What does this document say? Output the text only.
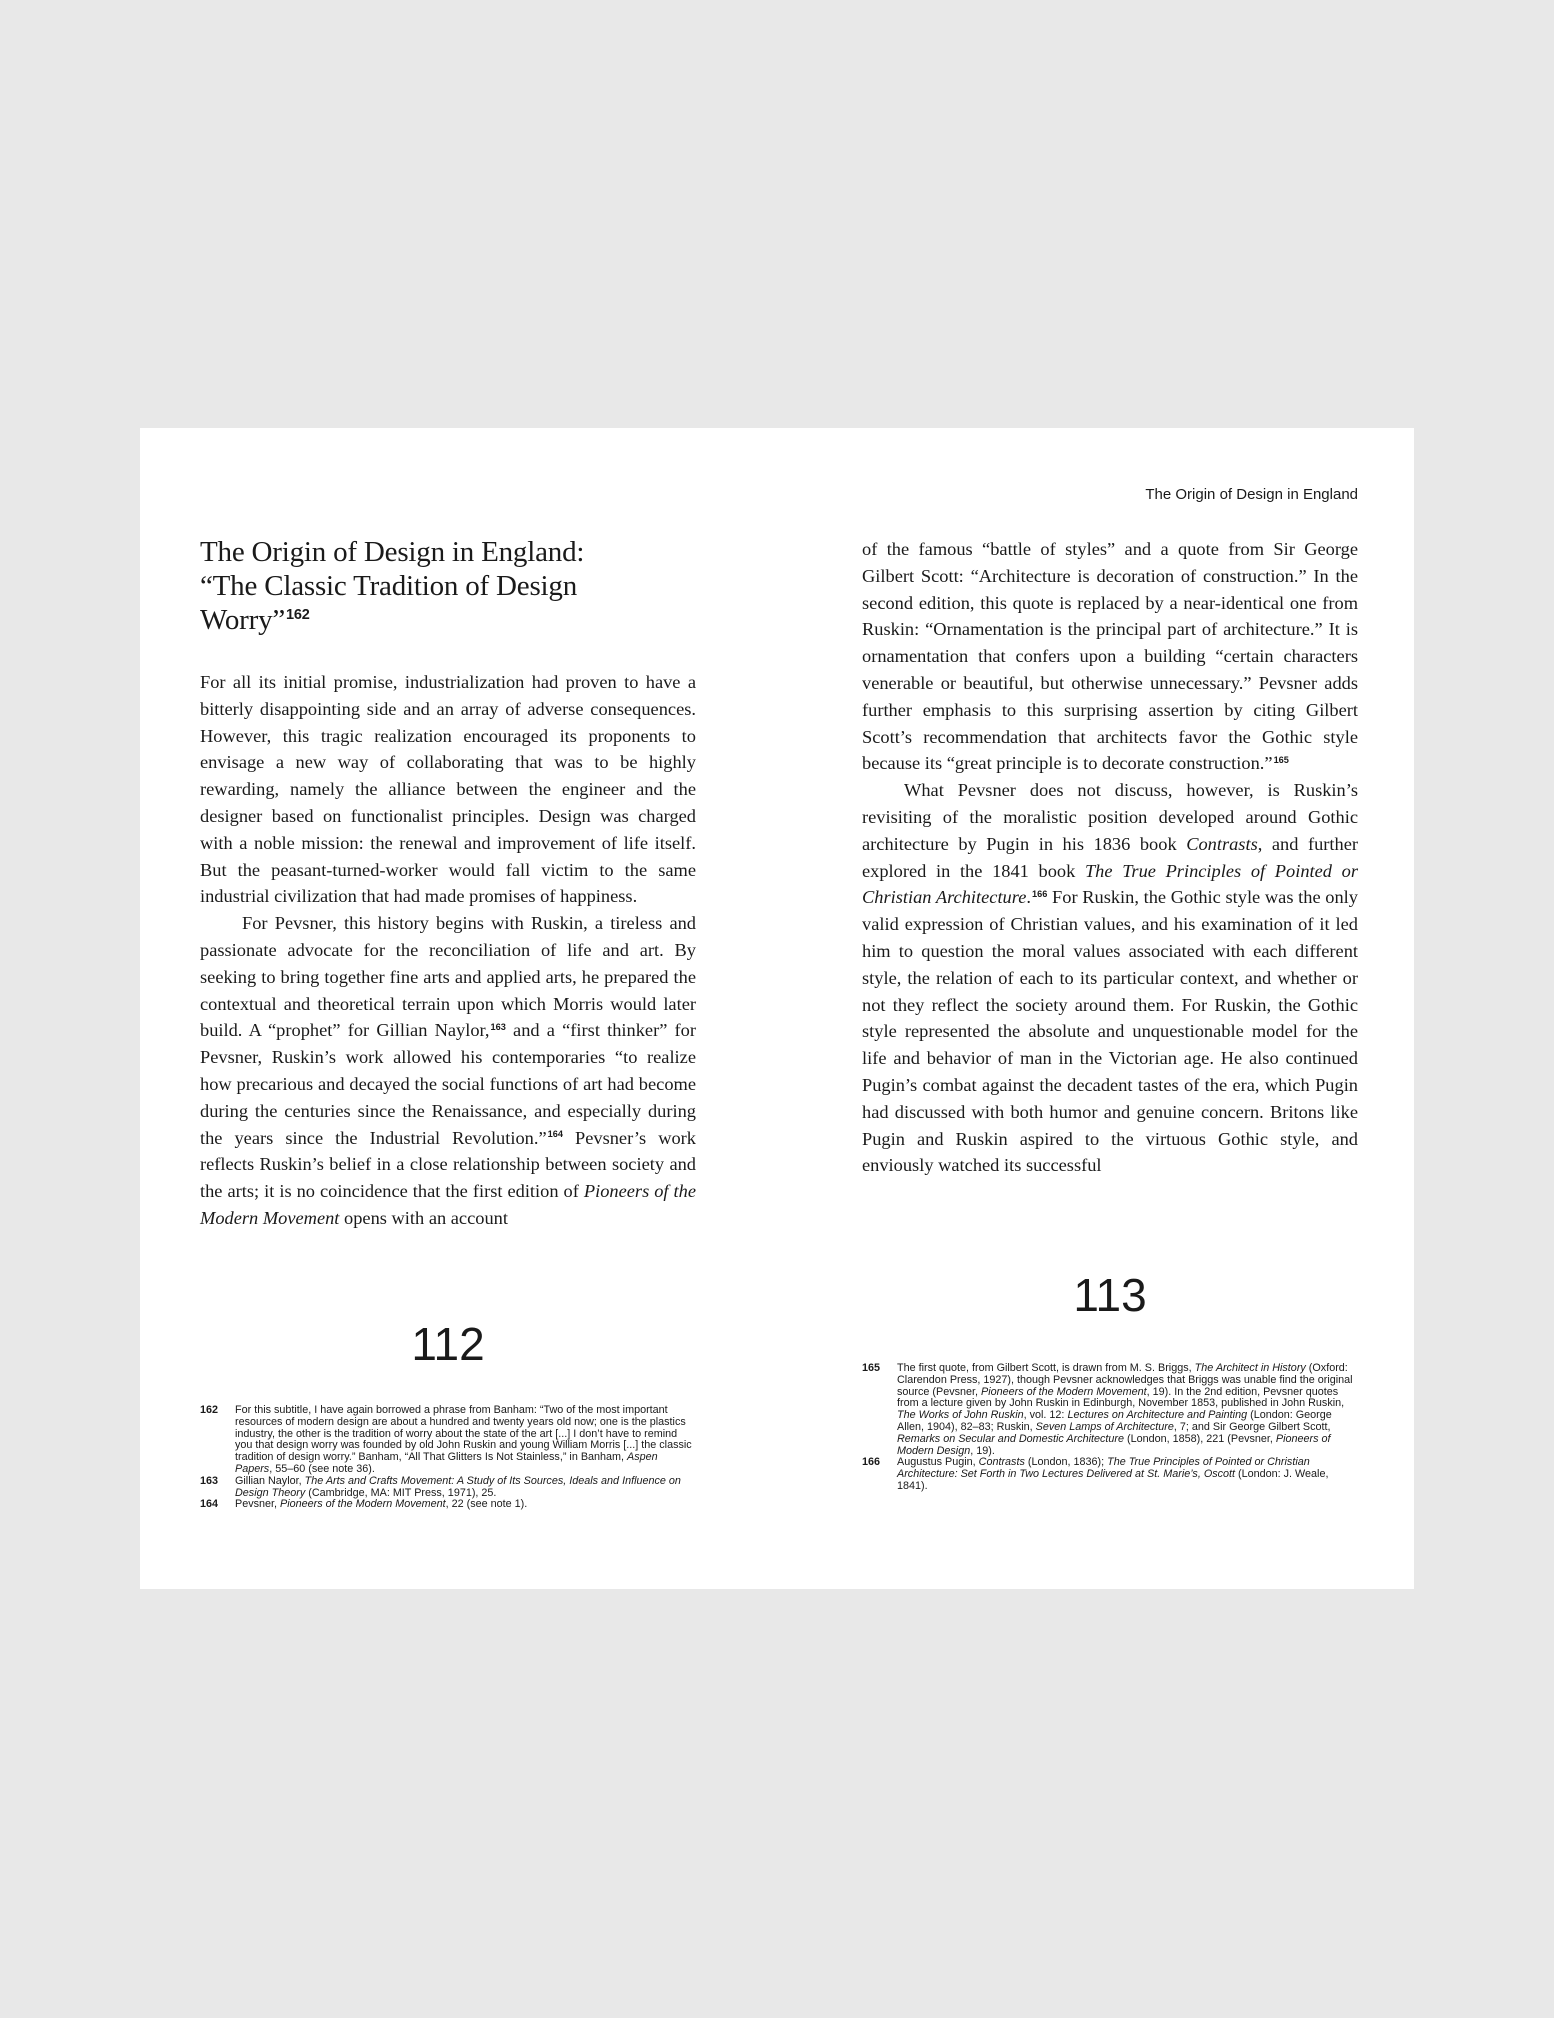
The Origin of Design in England:
“The Classic Tradition of Design
Worry”$^{162}$

For all its initial promise, industrialization had proven to have a bitterly disappointing side and an array of adverse consequences. However, this tragic realization encouraged its proponents to envisage a new way of collaborating that was to be highly rewarding, namely the alliance between the engineer and the designer based on functionalist principles. Design was charged with a noble mission: the renewal and improvement of life itself. But the peasant-turned-worker would fall victim to the same industrial civilization that had made promises of happiness.

For Pevsner, this history begins with Ruskin, a tireless and passionate advocate for the reconciliation of life and art. By seeking to bring together fine arts and applied arts, he prepared the contextual and theoretical terrain upon which Morris would later build. A “prophet” for Gillian Naylor,$^{163}$ and a “first thinker” for Pevsner, Ruskin’s work allowed his contemporaries “to realize how precarious and decayed the social functions of art had become during the centuries since the Renaissance, and especially during the years since the Industrial Revolution.”$^{164}$ Pevsner’s work reflects Ruskin’s belief in a close relationship between society and the arts; it is no coincidence that the first edition of Pioneers of the Modern Movement opens with an account

112
162	For this subtitle, I have again borrowed a phrase from Banham: “Two of the most important resources of modern design are about a hundred and twenty years old now; one is the plastics industry, the other is the tradition of worry about the state of the art [...] I don’t have to remind you that design worry was founded by old John Ruskin and young William Morris [...] the classic tradition of design worry.” Banham, “All That Glitters Is Not Stainless,” in Banham, Aspen Papers, 55–60 (see note 36).
163	Gillian Naylor, The Arts and Crafts Movement: A Study of Its Sources, Ideals and Influence on Design Theory (Cambridge, MA: MIT Press, 1971), 25.
164	Pevsner, Pioneers of the Modern Movement, 22 (see note 1).
The Origin of Design in England

of the famous “battle of styles” and a quote from Sir George Gilbert Scott: “Architecture is decoration of construction.” In the second edition, this quote is replaced by a near-identical one from Ruskin: “Ornamentation is the principal part of architecture.” It is ornamentation that confers upon a building “certain characters venerable or beautiful, but otherwise unnecessary.” Pevsner adds further emphasis to this surprising assertion by citing Gilbert Scott’s recommendation that architects favor the Gothic style because its “great principle is to decorate construction.”$^{165}$

What Pevsner does not discuss, however, is Ruskin’s revisiting of the moralistic position developed around Gothic architecture by Pugin in his 1836 book Contrasts, and further explored in the 1841 book The True Principles of Pointed or Christian Architecture.$^{166}$ For Ruskin, the Gothic style was the only valid expression of Christian values, and his examination of it led him to question the moral values associated with each different style, the relation of each to its particular context, and whether or not they reflect the society around them. For Ruskin, the Gothic style represented the absolute and unquestionable model for the life and behavior of man in the Victorian age. He also continued Pugin’s combat against the decadent tastes of the era, which Pugin had discussed with both humor and genuine concern. Britons like Pugin and Ruskin aspired to the virtuous Gothic style, and enviously watched its successful

113
165	The first quote, from Gilbert Scott, is drawn from M. S. Briggs, The Architect in History (Oxford: Clarendon Press, 1927), though Pevsner acknowledges that Briggs was unable find the original source (Pevsner, Pioneers of the Modern Movement, 19). In the 2nd edition, Pevsner quotes from a lecture given by John Ruskin in Edinburgh, November 1853, published in John Ruskin, The Works of John Ruskin, vol. 12: Lectures on Architecture and Painting (London: George Allen, 1904), 82–83; Ruskin, Seven Lamps of Architecture, 7; and Sir George Gilbert Scott, Remarks on Secular and Domestic Architecture (London, 1858), 221 (Pevsner, Pioneers of Modern Design, 19).
166	Augustus Pugin, Contrasts (London, 1836); The True Principles of Pointed or Christian Architecture: Set Forth in Two Lectures Delivered at St. Marie’s, Oscott (London: J. Weale, 1841).
